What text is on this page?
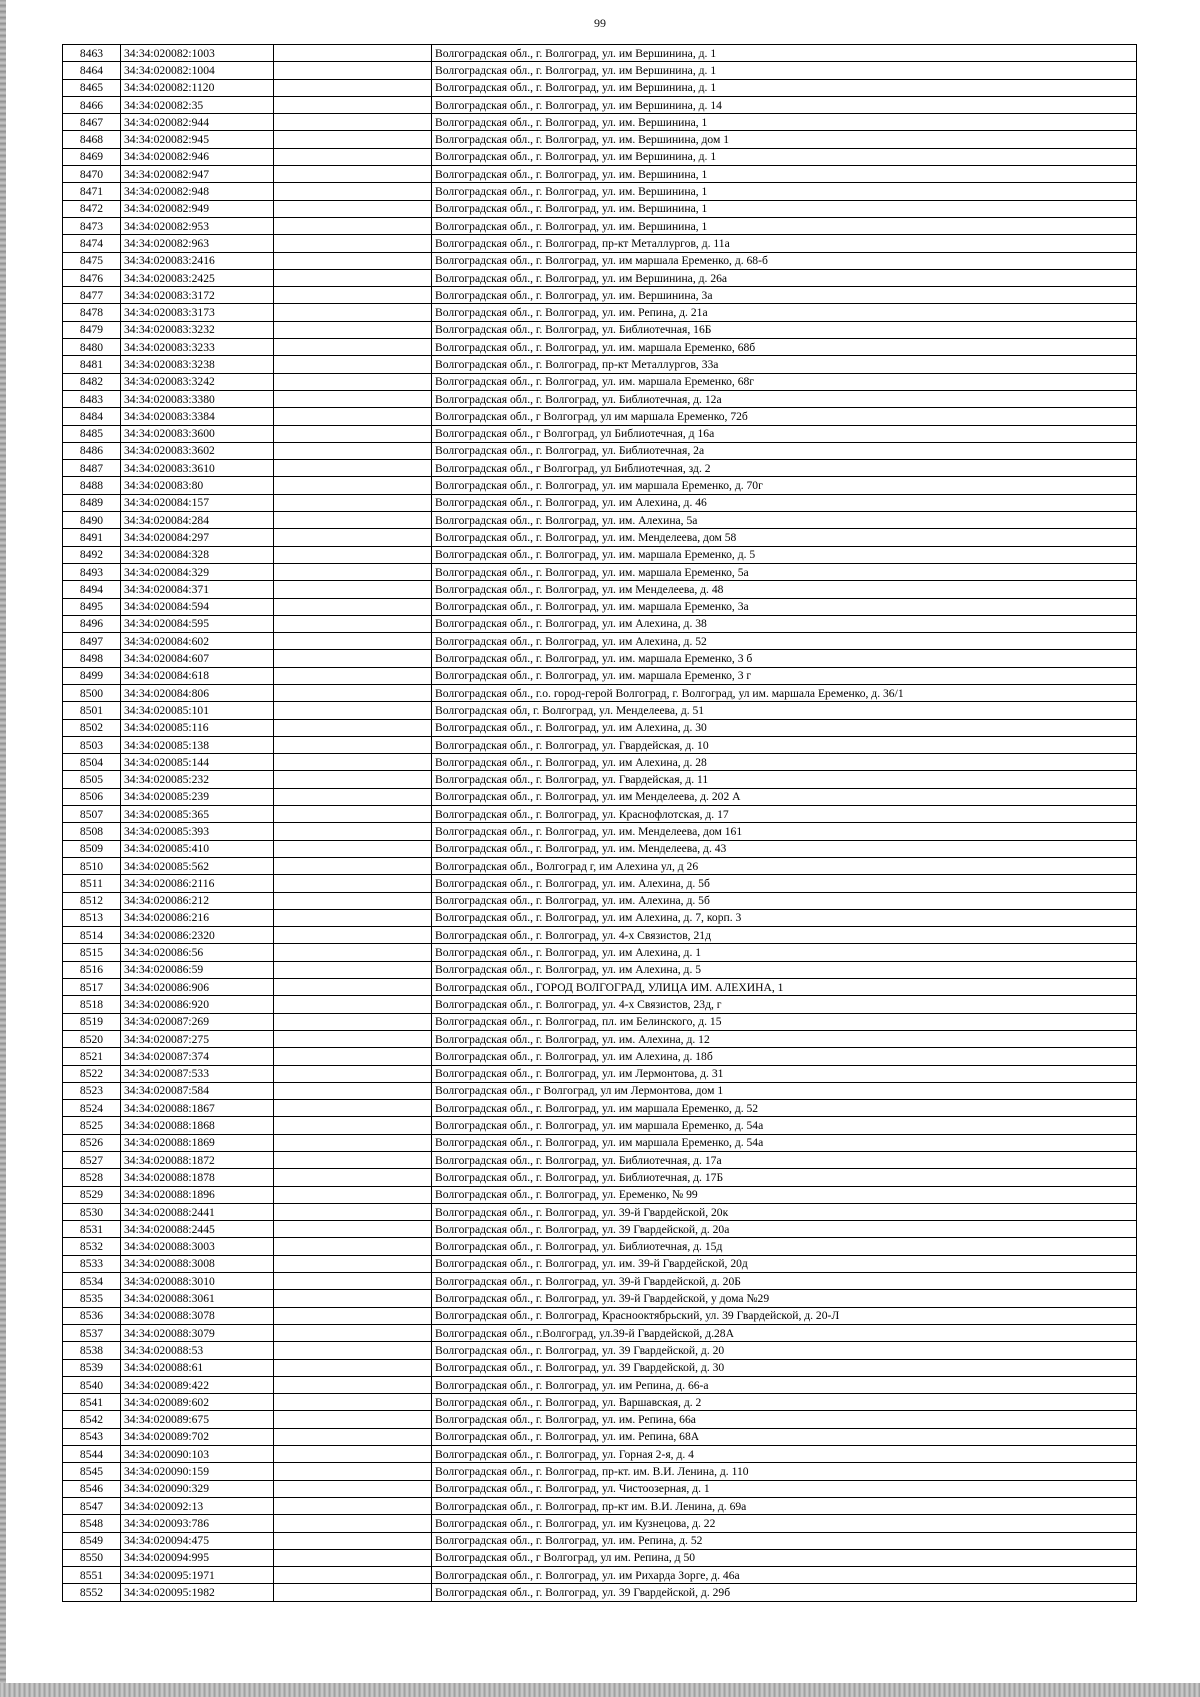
99
8463	34:34:020082:1003		Волгоградская обл., г. Волгоград, ул. им Вершинина, д. 1
8464	34:34:020082:1004		Волгоградская обл., г. Волгоград, ул. им Вершинина, д. 1
8465	34:34:020082:1120		Волгоградская обл., г. Волгоград, ул. им Вершинина, д. 1
8466	34:34:020082:35		Волгоградская обл., г. Волгоград, ул. им Вершинина, д. 14
8467	34:34:020082:944		Волгоградская обл., г. Волгоград, ул. им. Вершинина, 1
8468	34:34:020082:945		Волгоградская обл., г. Волгоград, ул. им. Вершинина, дом 1
8469	34:34:020082:946		Волгоградская обл., г. Волгоград, ул. им Вершинина, д. 1
8470	34:34:020082:947		Волгоградская обл., г. Волгоград, ул. им. Вершинина, 1
8471	34:34:020082:948		Волгоградская обл., г. Волгоград, ул. им. Вершинина, 1
8472	34:34:020082:949		Волгоградская обл., г. Волгоград, ул. им. Вершинина, 1
8473	34:34:020082:953		Волгоградская обл., г. Волгоград, ул. им. Вершинина, 1
8474	34:34:020082:963		Волгоградская обл., г. Волгоград, пр-кт Металлургов, д. 11а
8475	34:34:020083:2416		Волгоградская обл., г. Волгоград, ул. им маршала Еременко, д. 68-б
8476	34:34:020083:2425		Волгоградская обл., г. Волгоград, ул. им Вершинина, д. 26а
8477	34:34:020083:3172		Волгоградская обл., г. Волгоград, ул. им. Вершинина, 3а
8478	34:34:020083:3173		Волгоградская обл., г. Волгоград, ул. им. Репина, д. 21а
8479	34:34:020083:3232		Волгоградская обл., г. Волгоград, ул. Библиотечная, 16Б
8480	34:34:020083:3233		Волгоградская обл., г. Волгоград, ул. им. маршала Еременко, 68б
8481	34:34:020083:3238		Волгоградская обл., г. Волгоград, пр-кт Металлургов, 33а
8482	34:34:020083:3242		Волгоградская обл., г. Волгоград, ул. им. маршала Еременко, 68г
8483	34:34:020083:3380		Волгоградская обл., г. Волгоград, ул. Библиотечная, д. 12а
8484	34:34:020083:3384		Волгоградская обл., г Волгоград, ул им маршала Еременко, 72б
8485	34:34:020083:3600		Волгоградская обл., г Волгоград, ул Библиотечная, д 16а
8486	34:34:020083:3602		Волгоградская обл., г. Волгоград, ул. Библиотечная, 2а
8487	34:34:020083:3610		Волгоградская обл., г Волгоград, ул Библиотечная, зд. 2
8488	34:34:020083:80		Волгоградская обл., г. Волгоград, ул. им маршала Еременко, д. 70г
8489	34:34:020084:157		Волгоградская обл., г. Волгоград, ул. им Алехина, д. 46
8490	34:34:020084:284		Волгоградская обл., г. Волгоград, ул. им. Алехина, 5а
8491	34:34:020084:297		Волгоградская обл., г. Волгоград, ул. им. Менделеева, дом 58
8492	34:34:020084:328		Волгоградская обл., г. Волгоград, ул. им. маршала Еременко, д. 5
8493	34:34:020084:329		Волгоградская обл., г. Волгоград, ул. им. маршала Еременко, 5а
8494	34:34:020084:371		Волгоградская обл., г. Волгоград, ул. им Менделеева, д. 48
8495	34:34:020084:594		Волгоградская обл., г. Волгоград, ул. им. маршала Еременко, 3а
8496	34:34:020084:595		Волгоградская обл., г. Волгоград, ул. им Алехина, д. 38
8497	34:34:020084:602		Волгоградская обл., г. Волгоград, ул. им Алехина, д. 52
8498	34:34:020084:607		Волгоградская обл., г. Волгоград, ул. им. маршала Еременко, 3 б
8499	34:34:020084:618		Волгоградская обл., г. Волгоград, ул. им. маршала Еременко, 3 г
8500	34:34:020084:806		Волгоградская обл., г.о. город-герой Волгоград, г. Волгоград, ул им. маршала Еременко, д. 36/1
8501	34:34:020085:101		Волгоградская обл, г. Волгоград, ул. Менделеева, д. 51
8502	34:34:020085:116		Волгоградская обл., г. Волгоград, ул. им Алехина, д. 30
8503	34:34:020085:138		Волгоградская обл., г. Волгоград, ул. Гвардейская, д. 10
8504	34:34:020085:144		Волгоградская обл., г. Волгоград, ул. им Алехина, д. 28
8505	34:34:020085:232		Волгоградская обл., г. Волгоград, ул. Гвардейская, д. 11
8506	34:34:020085:239		Волгоградская обл., г. Волгоград, ул. им Менделеева, д. 202 А
8507	34:34:020085:365		Волгоградская обл., г. Волгоград, ул. Краснофлотская, д. 17
8508	34:34:020085:393		Волгоградская обл., г. Волгоград, ул. им. Менделеева, дом 161
8509	34:34:020085:410		Волгоградская обл., г. Волгоград, ул. им. Менделеева, д. 43
8510	34:34:020085:562		Волгоградская обл., Волгоград г, им Алехина ул, д 26
8511	34:34:020086:2116		Волгоградская обл., г. Волгоград, ул. им. Алехина, д. 5б
8512	34:34:020086:212		Волгоградская обл., г. Волгоград, ул. им. Алехина, д. 5б
8513	34:34:020086:216		Волгоградская обл., г. Волгоград, ул. им Алехина, д. 7, корп. 3
8514	34:34:020086:2320		Волгоградская обл., г. Волгоград, ул. 4-х Связистов, 21д
8515	34:34:020086:56		Волгоградская обл., г. Волгоград, ул. им Алехина, д. 1
8516	34:34:020086:59		Волгоградская обл., г. Волгоград, ул. им Алехина, д. 5
8517	34:34:020086:906		Волгоградская обл., ГОРОД ВОЛГОГРАД, УЛИЦА ИМ. АЛЕХИНА, 1
8518	34:34:020086:920		Волгоградская обл., г. Волгоград, ул. 4-х Связистов, 23д, г
8519	34:34:020087:269		Волгоградская обл., г. Волгоград, пл. им Белинского, д. 15
8520	34:34:020087:275		Волгоградская обл., г. Волгоград, ул. им. Алехина, д. 12
8521	34:34:020087:374		Волгоградская обл., г. Волгоград, ул. им Алехина, д. 18б
8522	34:34:020087:533		Волгоградская обл., г. Волгоград, ул. им Лермонтова, д. 31
8523	34:34:020087:584		Волгоградская обл., г Волгоград, ул им Лермонтова, дом 1
8524	34:34:020088:1867		Волгоградская обл., г. Волгоград, ул. им маршала Еременко, д. 52
8525	34:34:020088:1868		Волгоградская обл., г. Волгоград, ул. им маршала Еременко, д. 54а
8526	34:34:020088:1869		Волгоградская обл., г. Волгоград, ул. им маршала Еременко, д. 54а
8527	34:34:020088:1872		Волгоградская обл., г. Волгоград, ул. Библиотечная, д. 17а
8528	34:34:020088:1878		Волгоградская обл., г. Волгоград, ул. Библиотечная, д. 17Б
8529	34:34:020088:1896		Волгоградская обл., г. Волгоград, ул. Еременко, № 99
8530	34:34:020088:2441		Волгоградская обл., г. Волгоград, ул. 39-й Гвардейской, 20к
8531	34:34:020088:2445		Волгоградская обл., г. Волгоград, ул. 39 Гвардейской, д. 20а
8532	34:34:020088:3003		Волгоградская обл., г. Волгоград, ул. Библиотечная, д. 15д
8533	34:34:020088:3008		Волгоградская обл., г. Волгоград, ул. им. 39-й Гвардейской, 20д
8534	34:34:020088:3010		Волгоградская обл., г. Волгоград, ул. 39-й Гвардейской, д. 20Б
8535	34:34:020088:3061		Волгоградская обл., г. Волгоград, ул. 39-й Гвардейской, у дома №29
8536	34:34:020088:3078		Волгоградская обл., г. Волгоград, Краснооктябрьский, ул. 39 Гвардейской, д. 20-Л
8537	34:34:020088:3079		Волгоградская обл., г.Волгоград, ул.39-й Гвардейской, д.28А
8538	34:34:020088:53		Волгоградская обл., г. Волгоград, ул. 39 Гвардейской, д. 20
8539	34:34:020088:61		Волгоградская обл., г. Волгоград, ул. 39 Гвардейской, д. 30
8540	34:34:020089:422		Волгоградская обл., г. Волгоград, ул. им Репина, д. 66-а
8541	34:34:020089:602		Волгоградская обл., г. Волгоград, ул. Варшавская, д. 2
8542	34:34:020089:675		Волгоградская обл., г. Волгоград, ул. им. Репина, 66а
8543	34:34:020089:702		Волгоградская обл., г. Волгоград, ул. им. Репина, 68А
8544	34:34:020090:103		Волгоградская обл., г. Волгоград, ул. Горная 2-я, д. 4
8545	34:34:020090:159		Волгоградская обл., г. Волгоград, пр-кт. им. В.И. Ленина, д. 110
8546	34:34:020090:329		Волгоградская обл., г. Волгоград, ул. Чистоозерная, д. 1
8547	34:34:020092:13		Волгоградская обл., г. Волгоград, пр-кт им. В.И. Ленина, д. 69а
8548	34:34:020093:786		Волгоградская обл., г. Волгоград, ул. им Кузнецова, д. 22
8549	34:34:020094:475		Волгоградская обл., г. Волгоград, ул. им. Репина, д. 52
8550	34:34:020094:995		Волгоградская обл., г Волгоград, ул им. Репина, д 50
8551	34:34:020095:1971		Волгоградская обл., г. Волгоград, ул. им Рихарда Зорге, д. 46а
8552	34:34:020095:1982		Волгоградская обл., г. Волгоград, ул. 39 Гвардейской, д. 29б
